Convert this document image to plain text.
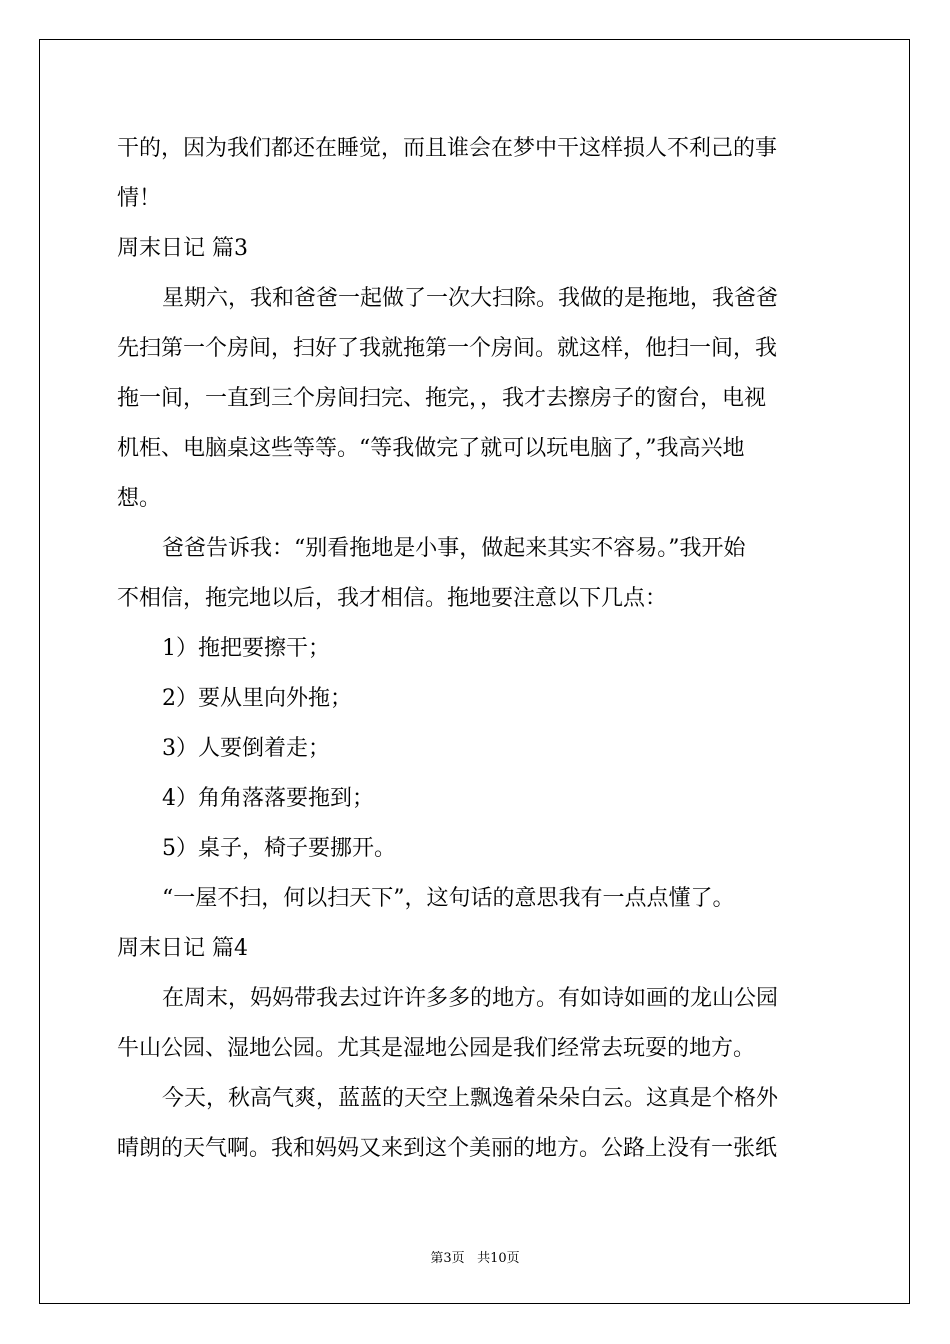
干的，因为我们都还在睡觉，而且谁会在梦中干这样损人不利己的事
情！
周末日记 篇3
星期六，我和爸爸一起做了一次大扫除。我做的是拖地，我爸爸
先扫第一个房间，扫好了我就拖第一个房间。就这样，他扫一间，我
拖一间，一直到三个房间扫完、拖完，，我才去擦房子的窗台，电视
机柜、电脑桌这些等等。“等我做完了就可以玩电脑了，”我高兴地
想。
爸爸告诉我：“别看拖地是小事，做起来其实不容易。”我开始
不相信，拖完地以后，我才相信。拖地要注意以下几点：
1）拖把要擦干；
2）要从里向外拖；
3）人要倒着走；
4）角角落落要拖到；
5）桌子，椅子要挪开。
“一屋不扫，何以扫天下”，这句话的意思我有一点点懂了。
周末日记 篇4
在周末，妈妈带我去过许许多多的地方。有如诗如画的龙山公园
牛山公园、湿地公园。尤其是湿地公园是我们经常去玩耍的地方。
今天，秋高气爽，蓝蓝的天空上飘逸着朵朵白云。这真是个格外
晴朗的天气啊。我和妈妈又来到这个美丽的地方。公路上没有一张纸
第3页 共10页
